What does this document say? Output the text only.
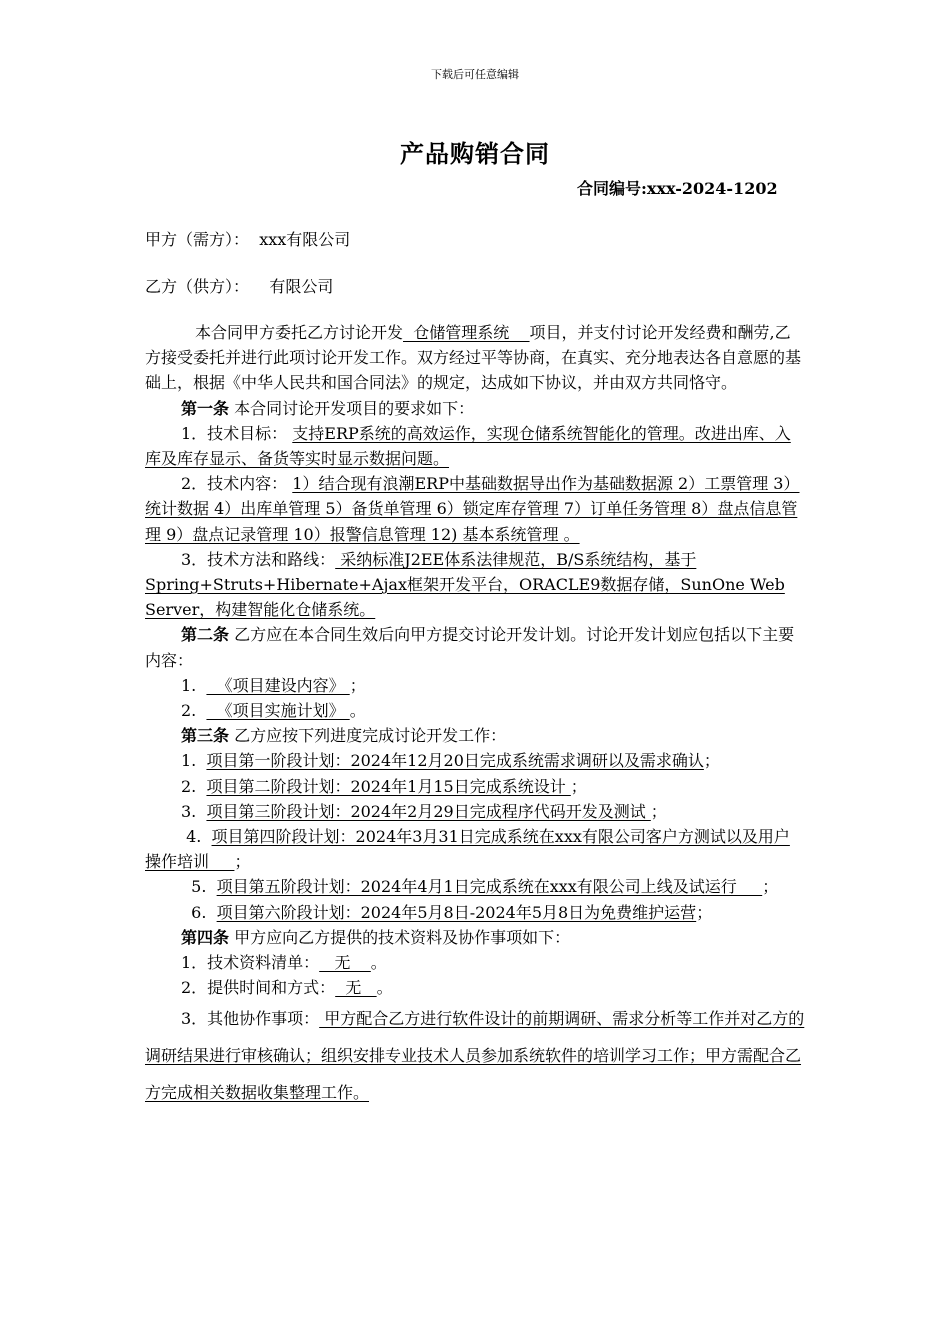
下载后可任意编辑
产品购销合同
合同编号:xxx-2024-1202
甲方（需方）： xxx有限公司
乙方（供方）： 有限公司

本合同甲方委托乙方讨论开发  仓储管理系统    项目，并支付讨论开发经费和酬劳,乙方接受委托并进行此项讨论开发工作。双方经过平等协商，在真实、充分地表达各自意愿的基础上，根据《中华人民共和国合同法》的规定，达成如下协议，并由双方共同恪守。

第一条 本合同讨论开发项目的要求如下：

1．技术目标： 支持ERP系统的高效运作，实现仓储系统智能化的管理。改进出库、入库及库存显示、备货等实时显示数据问题。

2．技术内容： 1）结合现有浪潮ERP中基础数据导出作为基础数据源 2）工票管理 3）统计数据 4）出库单管理 5）备货单管理 6）锁定库存管理 7）订单任务管理 8）盘点信息管理 9）盘点记录管理 10）报警信息管理 12) 基本系统管理 。

3．技术方法和路线： 采纳标准J2EE体系法律规范，B/S系统结构，基于Spring+Struts+Hibernate+Ajax框架开发平台，ORACLE9数据存储，SunOne Web Server，构建智能化仓储系统。

第二条 乙方应在本合同生效后向甲方提交讨论开发计划。讨论开发计划应包括以下主要内容：

1.    《项目建设内容》 ；

2.    《项目实施计划》 。

第三条 乙方应按下列进度完成讨论开发工作：

1.  项目第一阶段计划：2024年12月20日完成系统需求调研以及需求确认；

2.  项目第二阶段计划：2024年1月15日完成系统设计 ；

3.  项目第三阶段计划：2024年2月29日完成程序代码开发及测试 ；

4.  项目第四阶段计划：2024年3月31日完成系统在xxx有限公司客户方测试以及用户操作培训     ；

5.  项目第五阶段计划：2024年4月1日完成系统在xxx有限公司上线及试运行     ；

6.  项目第六阶段计划：2024年5月8日-2024年5月8日为免费维护运营；

第四条 甲方应向乙方提供的技术资料及协作事项如下：

1．技术资料清单：   无    。

2．提供时间和方式：  无   。

3．其他协作事项： 甲方配合乙方进行软件设计的前期调研、需求分析等工作并对乙方的调研结果进行审核确认；组织安排专业技术人员参加系统软件的培训学习工作；甲方需配合乙方完成相关数据收集整理工作。
